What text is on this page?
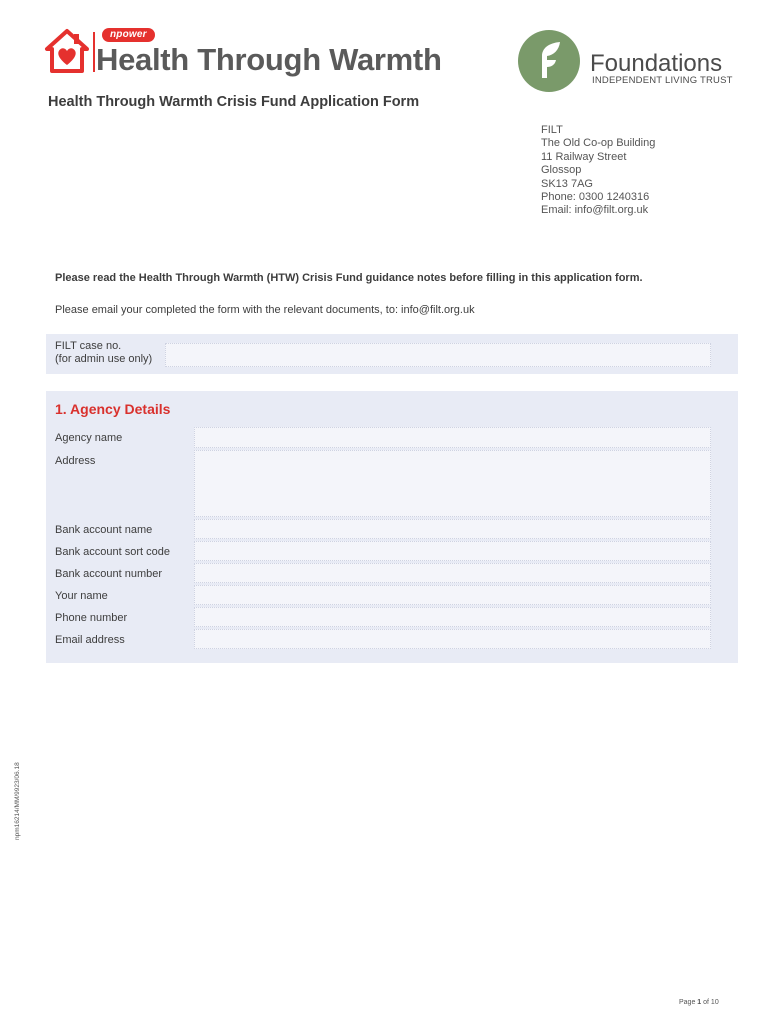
npower
Health Through Warmth	Foundations
INDEPENDENT LIVING TRUST
Health Through Warmth Crisis Fund Application Form
FILT
The Old Co-op Building
11 Railway Street
Glossop
SK13 7AG
Phone: 0300 1240316
Email: info@filt.org.uk
Please read the Health Through Warmth (HTW) Crisis Fund guidance notes before filling in this application form.
Please email your completed the form with the relevant documents, to: info@filt.org.uk
FILT case no.
(for admin use only)
1. Agency Details
Agency name
Address
Bank account name
Bank account sort code
Bank account number
Your name
Phone number
Email address
npm16214/MM/9923/06.18
Page 1 of 10
